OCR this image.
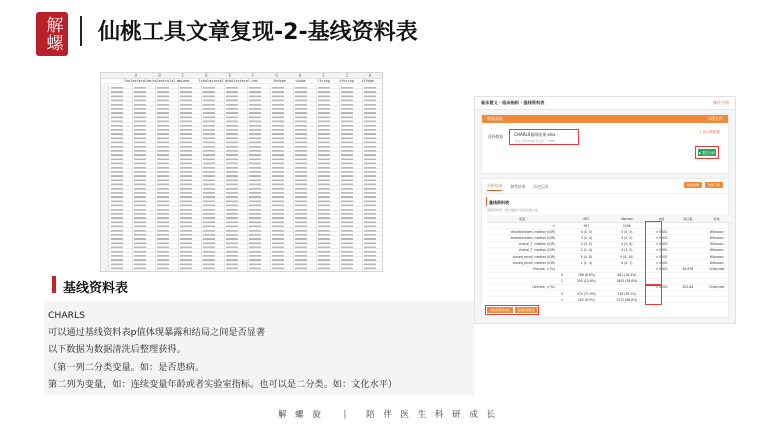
解螺 仙桃工具文章复现-2-基线资料表
A	B	C	D	E	F	G	H	I	J	K
lholesterolem holestrolal amined	lcholesterol dcholesterol red	fhdsee	tsdwe	lfcrog	ifvcrog	iffdge
临床意义 · 临床指标 · 基线资料表	操作手册
数据获取	示例文件
选择数据	CHARLS基线结果.xlsx
支持上传xlsx格式文件（<5M）
上传示例数据
▶ 提交分析
分析结果 参考结果 历史记录	结果说明	结果下载
基线资料表
基线资料表 · 统计描述方法及检验方法
变量		MCI	Normal	p值	统计量	检验
n		997	2296			
cholesterolem, median (IQR)		4 (3, 5)	5 (4, 5)	< 0.001		Wilcoxon
sholesterolem, median (IQR)		3 (2, 4)	4 (4, 5)	< 0.001		Wilcoxon
chanal_T, median (IQR)		4 (3, 5)	5 (4, 6)	< 0.001		Wilcoxon
chanal_T, median (IQR)		2 (1, 4)	4 (3, 5)	< 0.001		Wilcoxon
closed_recall, median (IQR)		6 (4, 8)	9 (8, 10)	< 0.001		Wilcoxon
closed_recall, median (IQR)		2 (1, 4)	6 (4, 7)	< 0.001		Wilcoxon
rfvicare, n (%)				< 0.001	44.876	Chisq test
	0	788 (8.8%)	481 (18.3%)			
	1	295 (13.6%)	1643 (38.6%)			
rfvdrare, n (%)				< 0.001	202.84	Chisq test
	0	374 (71.9%)	726 (38.1%)			
	1	165 (8.9%)	1572 (68.8%)			
保存结果到本地	查看结果报告
基线资料表

CHARLS

可以通过基线资料表p值体现暴露和结局之间是否显著

以下数据为数据清洗后整理获得。

（第一列二分类变量。如：是否患病。

第二列为变量，如：连续变量年龄或者实验室指标。也可以是二分类。如：文化水平）

解 螺 旋 | 陪 伴 医 生 科 研 成 长
